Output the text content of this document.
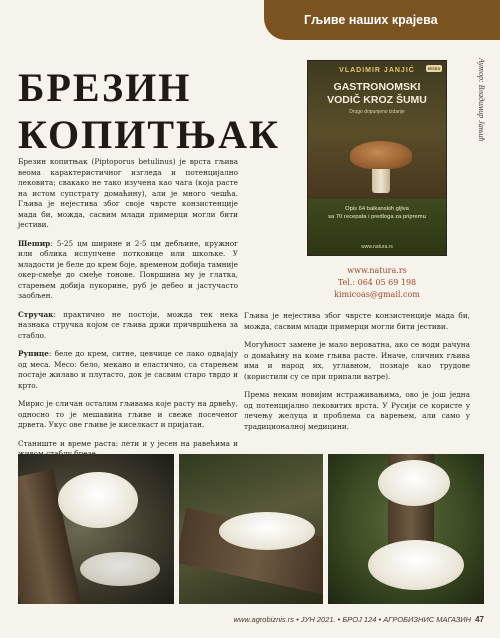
Гљиве наших крајева
БРЕЗИН
КОПИТЊАК	Аутор: Владимир Јањић
VLADIMIR JANJIĆ	ekstra
GASTRONOMSKI
VODIČ KROZ ŠUMU
Drugo dopunjeno izdanje
Opis 64 balkanskih gljiva
sa 70 recepata i predloga za pripremu
www.natura.rs
www.natura.rs
Tel.: 064 05 69 198
kimicoas@gmail.com

Брезин копитњак (Piptoporus betulinus) је врста гљива веома карактеристичног изгледа и потенцијално лековита; свакако не тако изучена као чага (која расте на истом супстрату домаћину), али је много чешћа. Гљива је нејестива због своје чврсте конзистенције мада би, можда, сасвим млади примерци могли бити јестиви.

Шешир: 5-25 цм ширине и 2-5 цм дебљине, кружног или облика испупчене потковице или шкољке. У младости је беле до крем боје, временом добија тамније окер-смеђе до смеђе тонове. Површина му је глатка, старењем добија пукорине, руб је дебео и јастучасто заобљен.

Стручак: практично не постоји, можда тек нека назнака стручка којом се гљива држи причвршћена за стабло.

Рупице: беле до крем, ситне, цевчице се лако одвајају од меса. Месо: бело, мекано и еластично, са старењем постаје жилаво и плутасто, док је сасвим старо тврдо и крто.

Мирис је сличан осталим гљивама које расту на дрвећу, односно то је мешавина гљиве и свеже посеченог дрвета. Укус ове гљиве је киселкаст и пријатан.

Станиште и време раста: лети и у јесен на равећима и

Гљива је нејестива због чврсте конзистенције мада би, можда, сасвим млади примерци могли бити јестиви.

Могућност замене је мало вероватна, ако се води рачуна о домаћину на коме гљива расте. Иначе, сличних гљива има и народ их, углавном, познаје као трудове (користили су се при припали ватре).

Према неким новијим истраживањима, ово је још једна од потенцијално лековитих врста. У Русији се користе у лечењу желуца и проблема са варењем, али само у традиционалној медицини.

www.agrobiznis.rs • ЈУН 2021. • БРОЈ 124 • АГРОБИЗНИС МАГАЗИН 47
